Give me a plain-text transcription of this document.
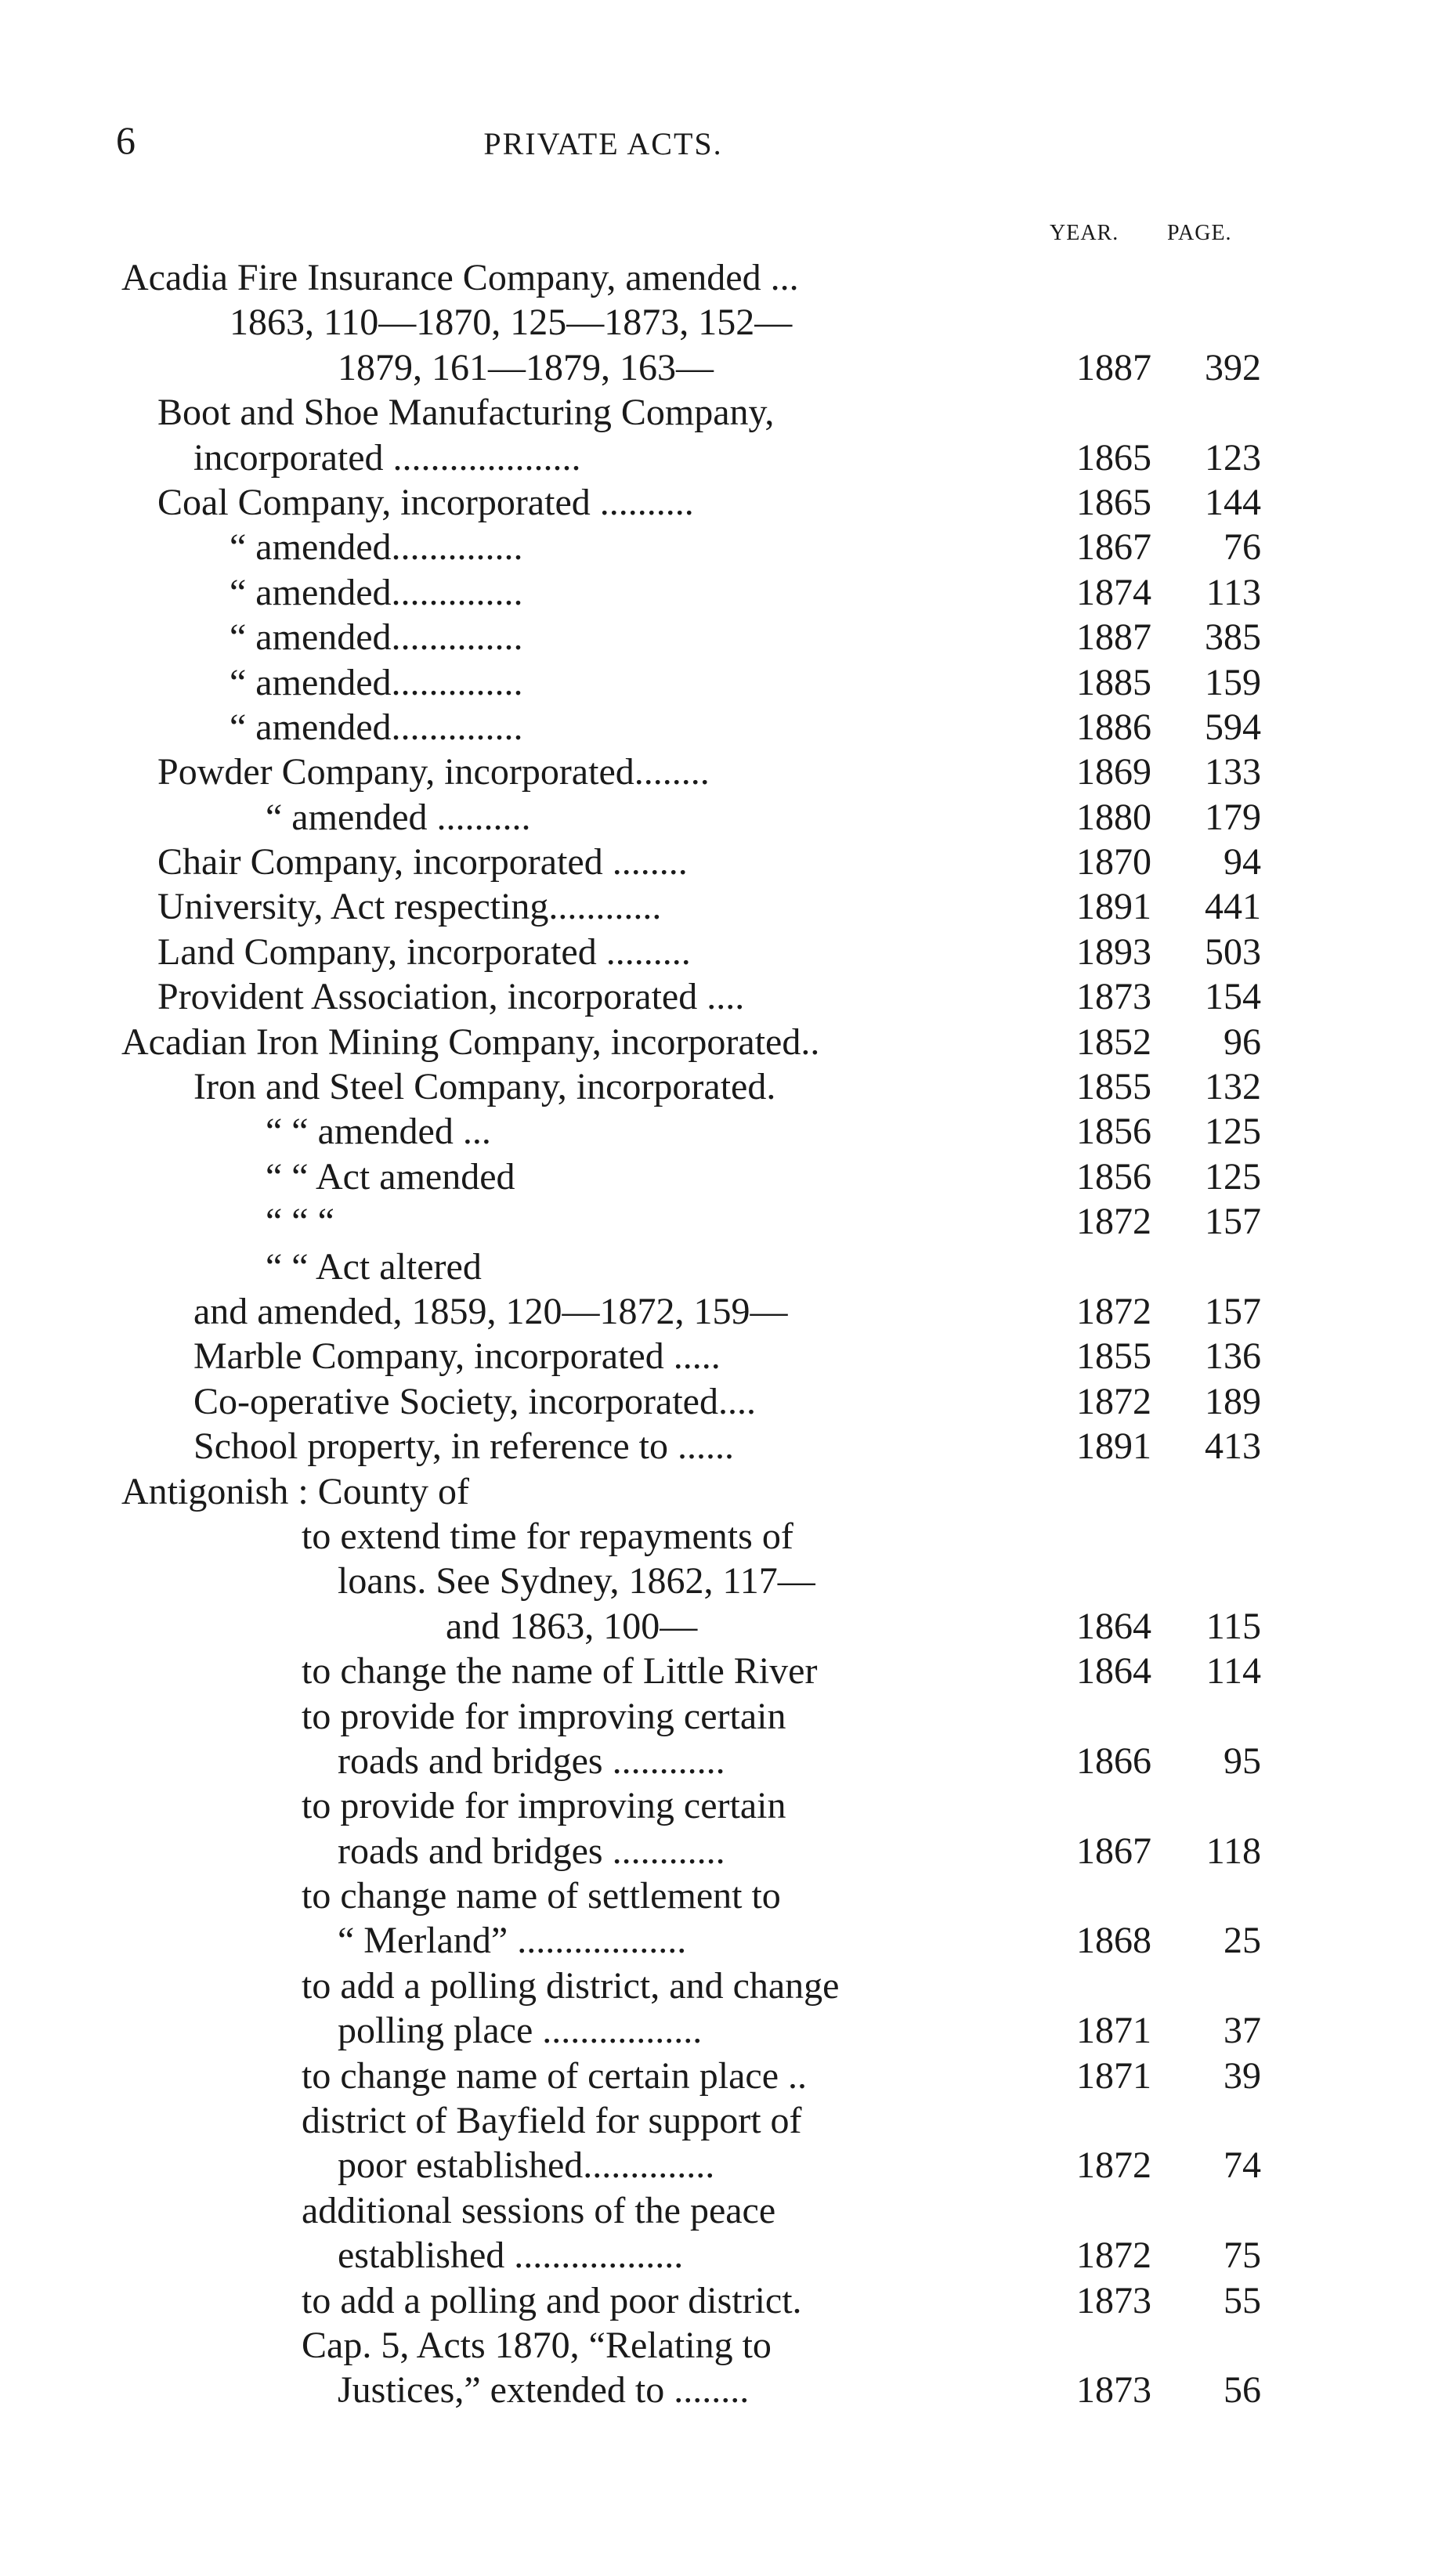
6	PRIVATE ACTS.
YEAR. PAGE.
Acadia Fire Insurance Company, amended ...
1863, 110—1870, 125—1873, 152—
1879, 161—1879, 163—	1887	392
Boot and Shoe Manufacturing Company,
incorporated ....................	1865	123
Coal Company, incorporated ..........	1865	144
“ amended..............	1867	76
“ amended..............	1874	113
“ amended..............	1887	385
“ amended..............	1885	159
“ amended..............	1886	594
Powder Company, incorporated........	1869	133
“ amended ..........	1880	179
Chair Company, incorporated ........	1870	94
University, Act respecting............	1891	441
Land Company, incorporated .........	1893	503
Provident Association, incorporated ....	1873	154
Acadian Iron Mining Company, incorporated..	1852	96
Iron and Steel Company, incorporated.	1855	132
“ “ amended ...	1856	125
“ “ Act amended	1856	125
“ “ “	1872	157
“ “ Act altered
and amended, 1859, 120—1872, 159—	1872	157
Marble Company, incorporated .....	1855	136
Co-operative Society, incorporated....	1872	189
School property, in reference to ......	1891	413
Antigonish : County of
to extend time for repayments of
loans. See Sydney, 1862, 117—
and 1863, 100—	1864	115
to change the name of Little River	1864	114
to provide for improving certain
roads and bridges ............	1866	95
to provide for improving certain
roads and bridges ............	1867	118
to change name of settlement to
“ Merland” ..................	1868	25
to add a polling district, and change
polling place .................	1871	37
to change name of certain place ..	1871	39
district of Bayfield for support of
poor established..............	1872	74
additional sessions of the peace
established ..................	1872	75
to add a polling and poor district.	1873	55
Cap. 5, Acts 1870, “Relating to
Justices,” extended to ........	1873	56
